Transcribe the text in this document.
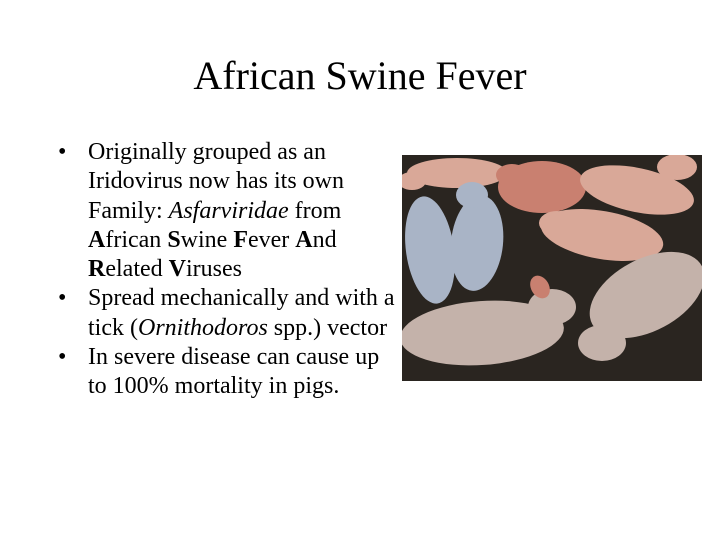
African Swine Fever
• Originally grouped as an Iridovirus now has its own Family: Asfarviridae from African Swine Fever And Related Viruses
• Spread mechanically and with a tick (Ornithodoros spp.) vector
• In severe disease can cause up to 100% mortality in pigs.
